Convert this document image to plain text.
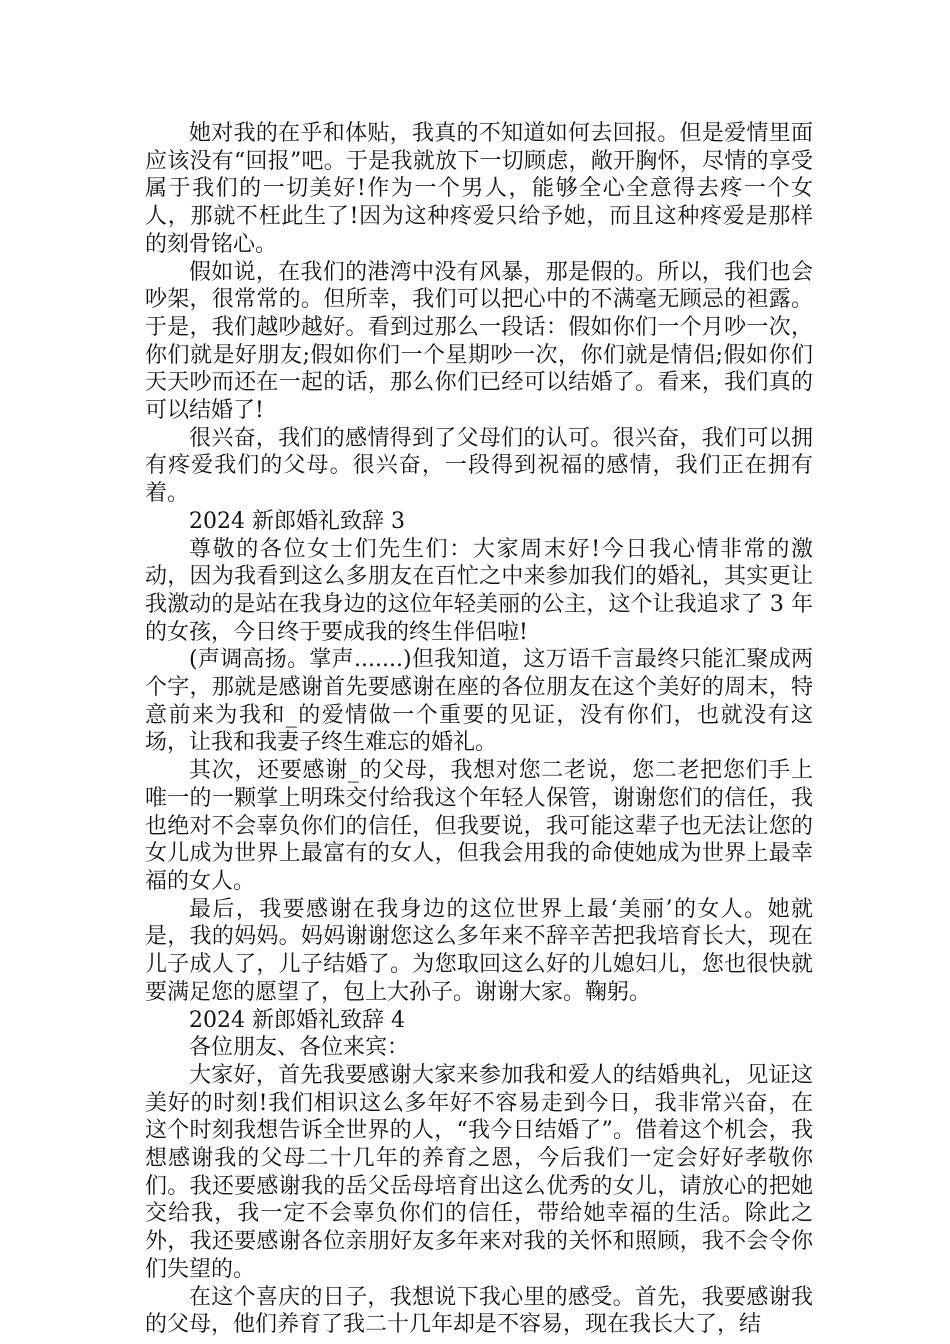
她对我的在乎和体贴，我真的不知道如何去回报。但是爱情里面应该没有“回报”吧。于是我就放下一切顾虑，敞开胸怀，尽情的享受属于我们的一切美好!作为一个男人，能够全心全意得去疼一个女人，那就不枉此生了!因为这种疼爱只给予她，而且这种疼爱是那样的刻骨铭心。

假如说，在我们的港湾中没有风暴，那是假的。所以，我们也会吵架，很常常的。但所幸，我们可以把心中的不满毫无顾忌的袒露。于是，我们越吵越好。看到过那么一段话：假如你们一个月吵一次，你们就是好朋友;假如你们一个星期吵一次，你们就是情侣;假如你们天天吵而还在一起的话，那么你们已经可以结婚了。看来，我们真的可以结婚了!

很兴奋，我们的感情得到了父母们的认可。很兴奋，我们可以拥有疼爱我们的父母。很兴奋，一段得到祝福的感情，我们正在拥有着。

2024 新郎婚礼致辞 3

尊敬的各位女士们先生们：大家周末好!今日我心情非常的激动，因为我看到这么多朋友在百忙之中来参加我们的婚礼，其实更让我激动的是站在我身边的这位年轻美丽的公主，这个让我追求了 3 年的女孩，今日终于要成我的终生伴侣啦!

(声调高扬。掌声.......)但我知道，这万语千言最终只能汇聚成两个字，那就是感谢首先要感谢在座的各位朋友在这个美好的周末，特意前来为我和_的爱情做一个重要的见证，没有你们，也就没有这场，让我和我妻子终生难忘的婚礼。

其次，还要感谢_的父母，我想对您二老说，您二老把您们手上唯一的一颗掌上明珠交付给我这个年轻人保管，谢谢您们的信任，我也绝对不会辜负你们的信任，但我要说，我可能这辈子也无法让您的女儿成为世界上最富有的女人，但我会用我的命使她成为世界上最幸福的女人。

最后，我要感谢在我身边的这位世界上最‘美丽’的女人。她就是，我的妈妈。妈妈谢谢您这么多年来不辞辛苦把我培育长大，现在儿子成人了，儿子结婚了。为您取回这么好的儿媳妇儿，您也很快就要满足您的愿望了，包上大孙子。谢谢大家。鞠躬。

2024 新郎婚礼致辞 4

各位朋友、各位来宾：

大家好，首先我要感谢大家来参加我和爱人的结婚典礼，见证这美好的时刻!我们相识这么多年好不容易走到今日，我非常兴奋，在这个时刻我想告诉全世界的人，“我今日结婚了”。借着这个机会，我想感谢我的父母二十几年的养育之恩，今后我们一定会好好孝敬你们。我还要感谢我的岳父岳母培育出这么优秀的女儿，请放心的把她交给我，我一定不会辜负你们的信任，带给她幸福的生活。除此之外，我还要感谢各位亲朋好友多年来对我的关怀和照顾，我不会令你们失望的。

在这个喜庆的日子，我想说下我心里的感受。首先，我要感谢我的父母，他们养育了我二十几年却是不容易，现在我长大了，结
